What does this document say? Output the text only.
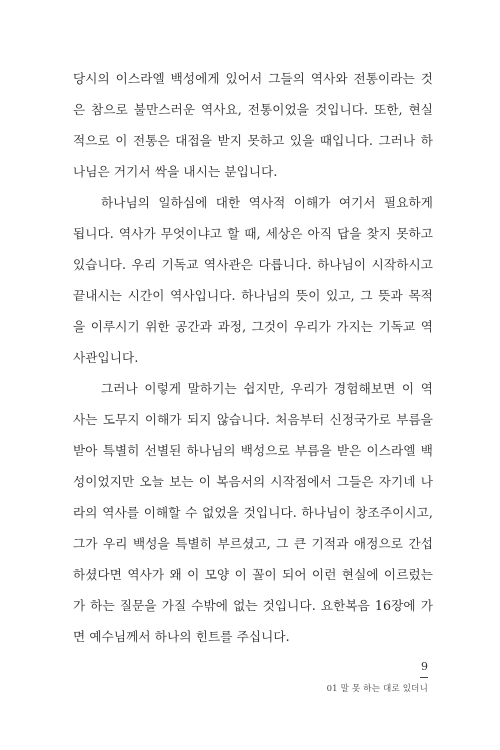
당시의 이스라엘 백성에게 있어서 그들의 역사와 전통이라는 것
은 참으로 불만스러운 역사요, 전통이었을 것입니다. 또한, 현실
적으로 이 전통은 대접을 받지 못하고 있을 때입니다. 그러나 하
나님은 거기서 싹을 내시는 분입니다.

하나님의 일하심에 대한 역사적 이해가 여기서 필요하게
됩니다. 역사가 무엇이냐고 할 때, 세상은 아직 답을 찾지 못하고
있습니다. 우리 기독교 역사관은 다릅니다. 하나님이 시작하시고
끝내시는 시간이 역사입니다. 하나님의 뜻이 있고, 그 뜻과 목적
을 이루시기 위한 공간과 과정, 그것이 우리가 가지는 기독교 역
사관입니다.

그러나 이렇게 말하기는 쉽지만, 우리가 경험해보면 이 역
사는 도무지 이해가 되지 않습니다. 처음부터 신정국가로 부름을
받아 특별히 선별된 하나님의 백성으로 부름을 받은 이스라엘 백
성이었지만 오늘 보는 이 복음서의 시작점에서 그들은 자기네 나
라의 역사를 이해할 수 없었을 것입니다. 하나님이 창조주이시고,
그가 우리 백성을 특별히 부르셨고, 그 큰 기적과 애정으로 간섭
하셨다면 역사가 왜 이 모양 이 꼴이 되어 이런 현실에 이르렀는
가 하는 질문을 가질 수밖에 없는 것입니다. 요한복음 16장에 가
면 예수님께서 하나의 힌트를 주십니다.

9
01 말 못 하는 대로 있더니
